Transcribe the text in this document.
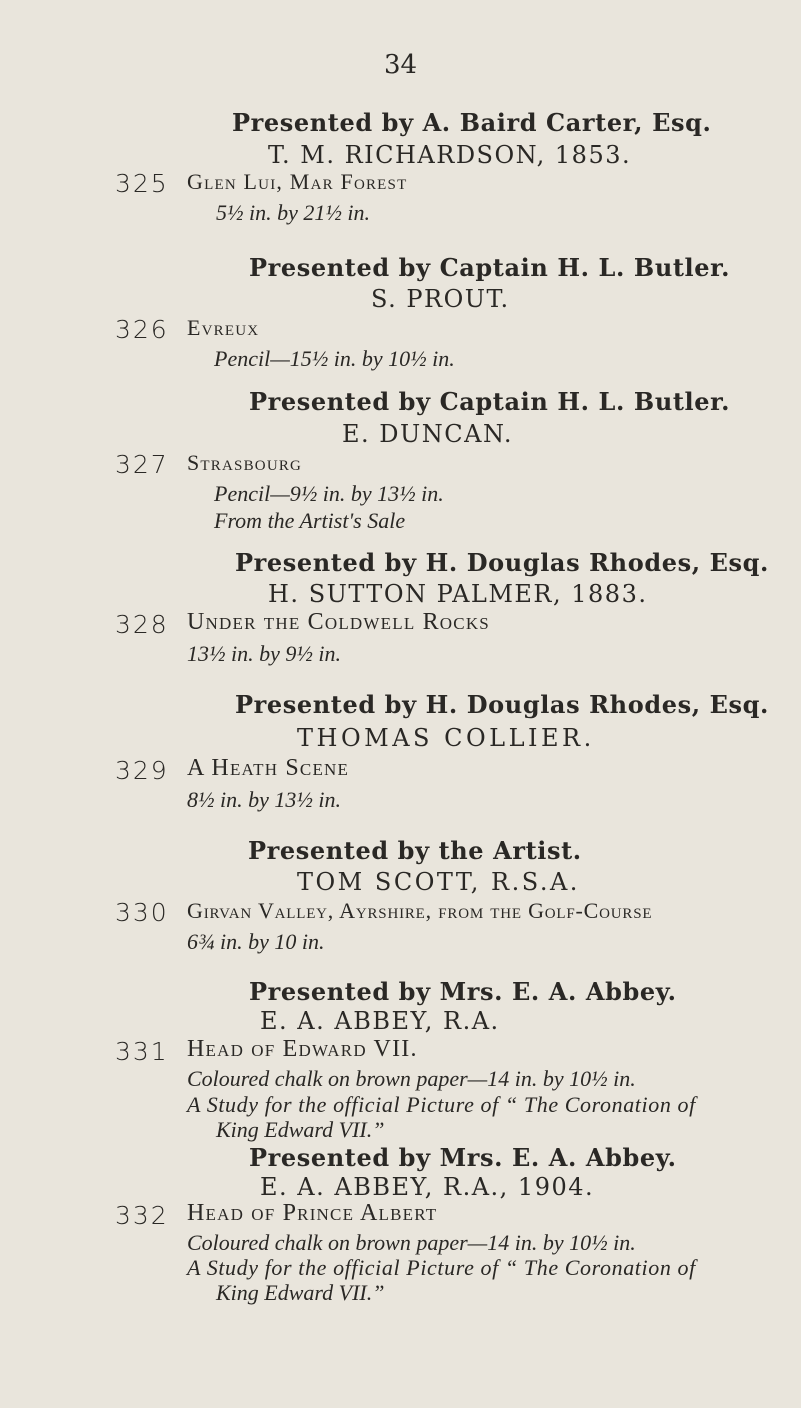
34
Presented by A. Baird Carter, Esq.
T. M. RICHARDSON, 1853.
325 Glen Lui, Mar Forest
5½ in. by 21½ in.
Presented by Captain H. L. Butler.
S. PROUT.
326 Evreux
Pencil—15½ in. by 10½ in.
Presented by Captain H. L. Butler.
E. DUNCAN.
327 Strasbourg
Pencil—9½ in. by 13½ in.
From the Artist's Sale
Presented by H. Douglas Rhodes, Esq.
H. SUTTON PALMER, 1883.
328 Under the Coldwell Rocks
13½ in. by 9½ in.
Presented by H. Douglas Rhodes, Esq.
THOMAS COLLIER.
329 A Heath Scene
8½ in. by 13½ in.
Presented by the Artist.
TOM SCOTT, R.S.A.
330 Girvan Valley, Ayrshire, from the Golf-Course
6¾ in. by 10 in.
Presented by Mrs. E. A. Abbey.
E. A. ABBEY, R.A.
331 Head of Edward VII.
Coloured chalk on brown paper—14 in. by 10½ in.
A Study for the official Picture of “ The Coronation of
King Edward VII.”
Presented by Mrs. E. A. Abbey.
E. A. ABBEY, R.A., 1904.
332 Head of Prince Albert
Coloured chalk on brown paper—14 in. by 10½ in.
A Study for the official Picture of “ The Coronation of
King Edward VII.”
